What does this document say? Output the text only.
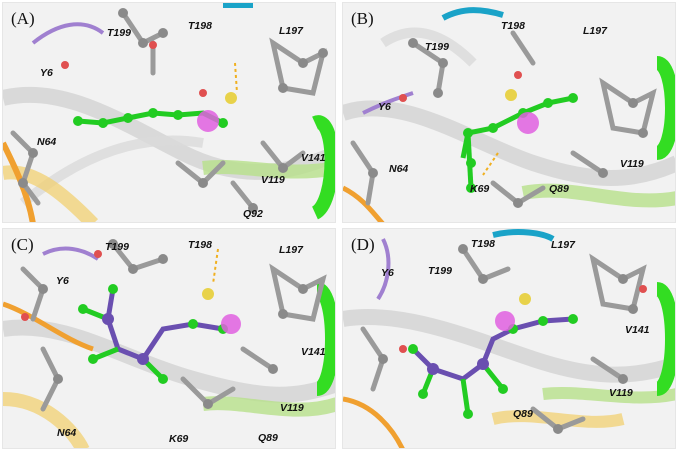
(A)
T199
T198	L197
Y6
N64
V141
V119
Q92
(B)
T199
T198	L197
Y6
N64
K69	Q89
V119
(C)	T199	T198	L197
Y6
V141
V119
N64	K69	Q89
(D)	T198	L197
Y6	T199
V141
V119
Q89
